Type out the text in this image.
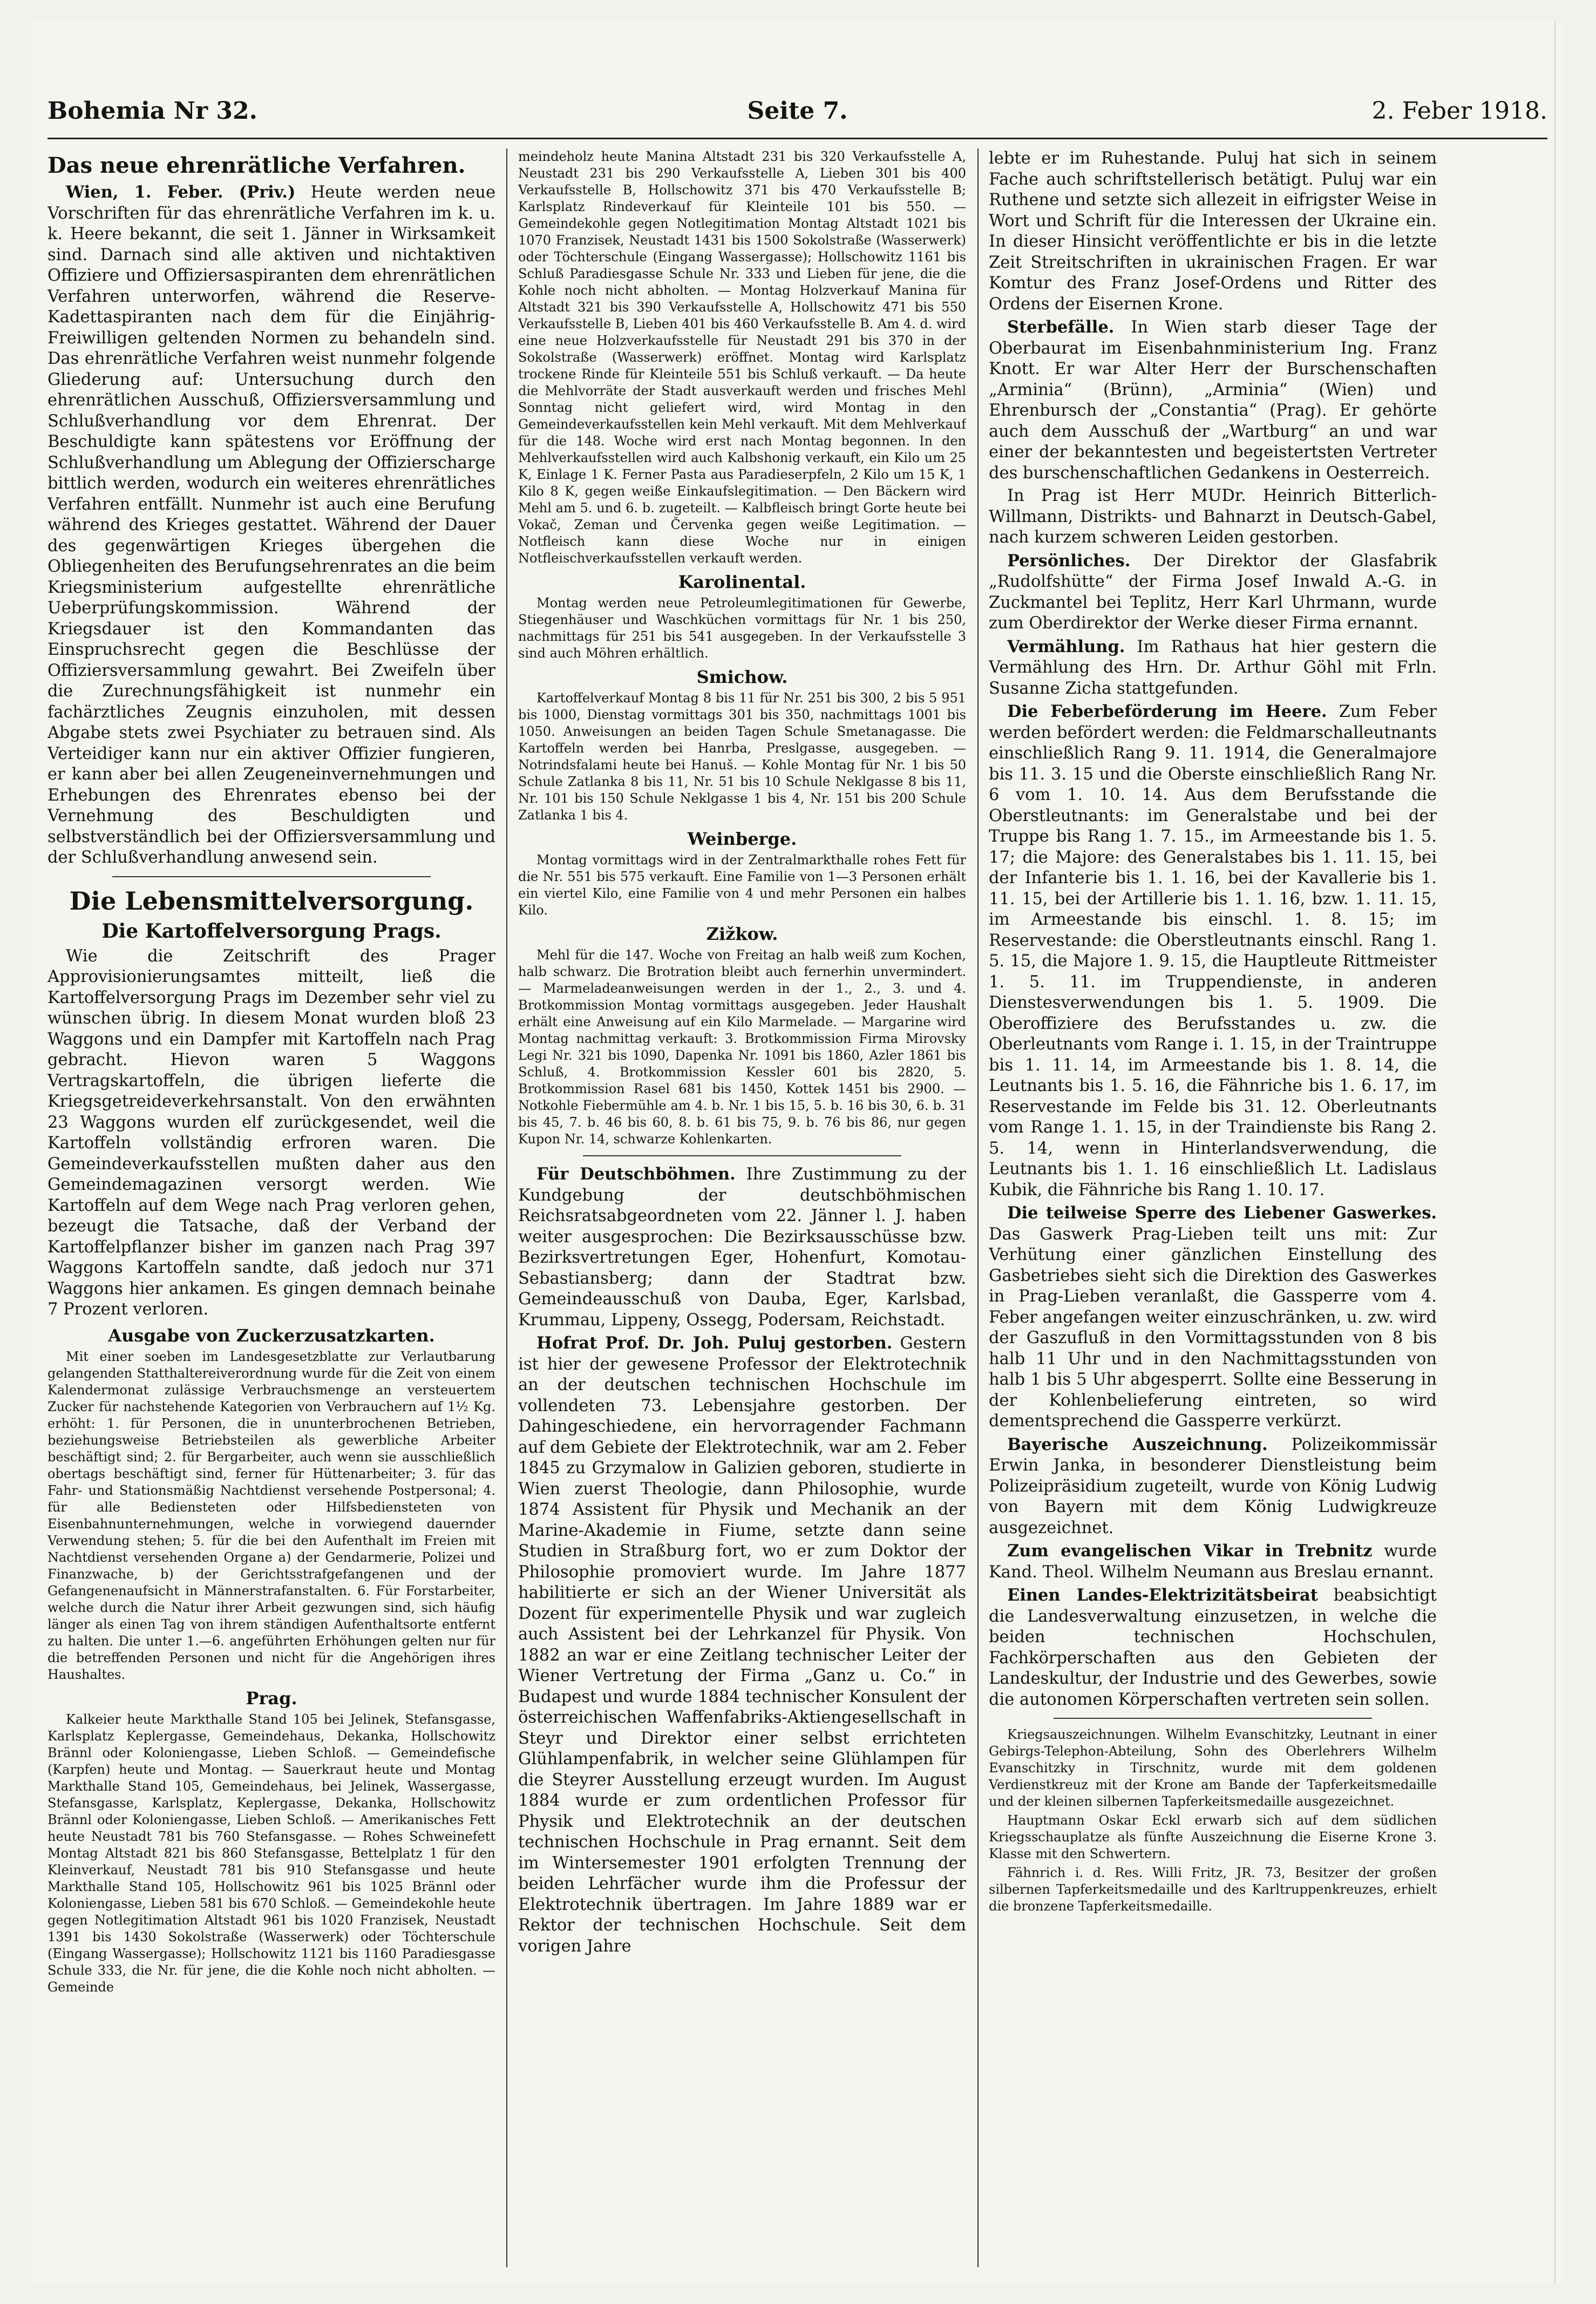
Bohemia Nr 32.	Seite 7.	2. Feber 1918.
Das neue ehrenrätliche Verfahren.

Wien, 1. Feber. (Priv.) Heute werden neue Vorschriften für das ehrenrätliche Verfahren im k. u. k. Heere bekannt, die seit 1. Jänner in Wirksamkeit sind. Darnach sind alle aktiven und nichtaktiven Offiziere und Offiziersaspiranten dem ehrenrätlichen Verfahren unterworfen, während die Reserve-Kadettaspiranten nach dem für die Einjährig-Freiwilligen geltenden Normen zu behandeln sind. Das ehrenrätliche Verfahren weist nunmehr folgende Gliederung auf: Untersuchung durch den ehrenrätlichen Ausschuß, Offiziersversammlung und Schlußverhandlung vor dem Ehrenrat. Der Beschuldigte kann spätestens vor Eröffnung der Schlußverhandlung um Ablegung der Offizierscharge bittlich werden, wodurch ein weiteres ehrenrätliches Verfahren entfällt. Nunmehr ist auch eine Berufung während des Krieges gestattet. Während der Dauer des gegenwärtigen Krieges übergehen die Obliegenheiten des Berufungsehrenrates an die beim Kriegsministerium aufgestellte ehrenrätliche Ueberprüfungskommission. Während der Kriegsdauer ist den Kommandanten das Einspruchsrecht gegen die Beschlüsse der Offiziersversammlung gewahrt. Bei Zweifeln über die Zurechnungsfähigkeit ist nunmehr ein fachärztliches Zeugnis einzuholen, mit dessen Abgabe stets zwei Psychiater zu betrauen sind. Als Verteidiger kann nur ein aktiver Offizier fungieren, er kann aber bei allen Zeugeneinvernehmungen und Erhebungen des Ehrenrates ebenso bei der Vernehmung des Beschuldigten und selbstverständlich bei der Offiziersversammlung und der Schlußverhandlung anwesend sein.

Die Lebensmittelversorgung.
Die Kartoffelversorgung Prags.

Wie die Zeitschrift des Prager Approvisionierungsamtes mitteilt, ließ die Kartoffelversorgung Prags im Dezember sehr viel zu wünschen übrig. In diesem Monat wurden bloß 23 Waggons und ein Dampfer mit Kartoffeln nach Prag gebracht. Hievon waren 5 Waggons Vertragskartoffeln, die übrigen lieferte die Kriegsgetreideverkehrsanstalt. Von den erwähnten 23 Waggons wurden elf zurückgesendet, weil die Kartoffeln vollständig erfroren waren. Die Gemeindeverkaufsstellen mußten daher aus den Gemeindemagazinen versorgt werden. Wie Kartoffeln auf dem Wege nach Prag verloren gehen, bezeugt die Tatsache, daß der Verband der Kartoffelpflanzer bisher im ganzen nach Prag 397 Waggons Kartoffeln sandte, daß jedoch nur 371 Waggons hier ankamen. Es gingen demnach beinahe 7 Prozent verloren.

Ausgabe von Zuckerzusatzkarten.

Mit einer soeben im Landesgesetzblatte zur Verlautbarung gelangenden Statthaltereiverordnung wurde für die Zeit von einem Kalendermonat zulässige Verbrauchsmenge an versteuertem Zucker für nachstehende Kategorien von Verbrauchern auf 1½ Kg. erhöht: 1. für Personen, die in ununterbrochenen Betrieben, beziehungsweise Betriebsteilen als gewerbliche Arbeiter beschäftigt sind; 2. für Bergarbeiter, auch wenn sie ausschließlich obertags beschäftigt sind, ferner für Hüttenarbeiter; 3. für das Fahr- und Stationsmäßig Nachtdienst versehende Postpersonal; 4. für alle Bediensteten oder Hilfsbediensteten von Eisenbahnunternehmungen, welche in vorwiegend dauernder Verwendung stehen; 5. für die bei den Aufenthalt im Freien mit Nachtdienst versehenden Organe a) der Gendarmerie, Polizei und Finanzwache, b) der Gerichtsstrafgefangenen und der Gefangenenaufsicht in Männerstrafanstalten. 6. Für Forstarbeiter, welche durch die Natur ihrer Arbeit gezwungen sind, sich häufig länger als einen Tag von ihrem ständigen Aufenthaltsorte entfernt zu halten. Die unter 1.—6. angeführten Erhöhungen gelten nur für die betreffenden Personen und nicht für die Angehörigen ihres Haushaltes.

Prag.

Kalkeier heute Markthalle Stand 105 bei Jelinek, Stefansgasse, Karlsplatz Keplergasse, Gemeindehaus, Dekanka, Hollschowitz Brännl oder Koloniengasse, Lieben Schloß. — Gemeindefische (Karpfen) heute und Montag. — Sauerkraut heute und Montag Markthalle Stand 105, Gemeindehaus, bei Jelinek, Wassergasse, Stefansgasse, Karlsplatz, Keplergasse, Dekanka, Hollschowitz Brännl oder Koloniengasse, Lieben Schloß. — Amerikanisches Fett heute Neustadt 781 bis 760 Stefansgasse. — Rohes Schweinefett Montag Altstadt 821 bis 860 Stefansgasse, Bettelplatz 1 für den Kleinverkauf, Neustadt 781 bis 910 Stefansgasse und heute Markthalle Stand 105, Hollschowitz 961 bis 1025 Brännl oder Koloniengasse, Lieben 581 bis 670 Schloß. — Gemeindekohle heute gegen Notlegitimation Altstadt 961 bis 1020 Franzisek, Neustadt 1391 bis 1430 Sokolstraße (Wasserwerk) oder Töchterschule (Eingang Wassergasse); Hollschowitz 1121 bis 1160 Paradiesgasse Schule 333, die Nr. für jene, die die Kohle noch nicht abholten. — Gemeinde

meindeholz heute Manina Altstadt 231 bis 320 Verkaufsstelle A, Neustadt 231 bis 290 Verkaufsstelle A, Lieben 301 bis 400 Verkaufsstelle B, Hollschowitz 371 bis 470 Verkaufsstelle B; Karlsplatz Rindeverkauf für Kleinteile 101 bis 550. — Gemeindekohle gegen Notlegitimation Montag Altstadt 1021 bis 1070 Franzisek, Neustadt 1431 bis 1500 Sokolstraße (Wasserwerk) oder Töchterschule (Eingang Wassergasse); Hollschowitz 1161 bis Schluß Paradiesgasse Schule Nr. 333 und Lieben für jene, die die Kohle noch nicht abholten. — Montag Holzverkauf Manina für Altstadt 321 bis 390 Verkaufsstelle A, Hollschowitz 471 bis 550 Verkaufsstelle B, Lieben 401 bis 460 Verkaufsstelle B. Am 4. d. wird eine neue Holzverkaufsstelle für Neustadt 291 bis 370 in der Sokolstraße (Wasserwerk) eröffnet. Montag wird Karlsplatz trockene Rinde für Kleinteile 551 bis Schluß verkauft. — Da heute die Mehlvorräte der Stadt ausverkauft werden und frisches Mehl Sonntag nicht geliefert wird, wird Montag in den Gemeindeverkaufsstellen kein Mehl verkauft. Mit dem Mehlverkauf für die 148. Woche wird erst nach Montag begonnen. In den Mehlverkaufsstellen wird auch Kalbshonig verkauft, ein Kilo um 25 K, Einlage 1 K. Ferner Pasta aus Paradieserpfeln, 2 Kilo um 15 K, 1 Kilo 8 K, gegen weiße Einkaufslegitimation. — Den Bäckern wird Mehl am 5. und 6. b. zugeteilt. — Kalbfleisch bringt Gorte heute bei Vokač, Zeman und Červenka gegen weiße Legitimation. — Notfleisch kann diese Woche nur in einigen Notfleischverkaufsstellen verkauft werden.

Karolinental.

Montag werden neue Petroleumlegitimationen für Gewerbe, Stiegenhäuser und Waschküchen vormittags für Nr. 1 bis 250, nachmittags für 251 bis 541 ausgegeben. In der Verkaufsstelle 3 sind auch Möhren erhältlich.

Smichow.

Kartoffelverkauf Montag 8 bis 11 für Nr. 251 bis 300, 2 bis 5 951 bis 1000, Dienstag vormittags 301 bis 350, nachmittags 1001 bis 1050. Anweisungen an beiden Tagen Schule Smetanagasse. Die Kartoffeln werden bei Hanrba, Preslgasse, ausgegeben. — Notrindsfalami heute bei Hanuš. — Kohle Montag für Nr. 1 bis 50 Schule Zatlanka 8 bis 11, Nr. 51 bis 10 Schule Neklgasse 8 bis 11, Nr. 101 bis 150 Schule Neklgasse 1 bis 4, Nr. 151 bis 200 Schule Zatlanka 1 bis 4.

Weinberge.

Montag vormittags wird in der Zentralmarkthalle rohes Fett für die Nr. 551 bis 575 verkauft. Eine Familie von 1—3 Personen erhält ein viertel Kilo, eine Familie von 4 und mehr Personen ein halbes Kilo.

Zižkow.

Mehl für die 147. Woche von Freitag an halb weiß zum Kochen, halb schwarz. Die Brotration bleibt auch fernerhin unvermindert. — Marmeladeanweisungen werden in der 1., 2., 3. und 4. Brotkommission Montag vormittags ausgegeben. Jeder Haushalt erhält eine Anweisung auf ein Kilo Marmelade. — Margarine wird Montag nachmittag verkauft: 3. Brotkommission Firma Mirovsky Legi Nr. 321 bis 1090, Dapenka Nr. 1091 bis 1860, Azler 1861 bis Schluß, 4. Brotkommission Kessler 601 bis 2820, 5. Brotkommission Rasel 681 bis 1450, Kottek 1451 bis 2900. — Notkohle Fiebermühle am 4. b. Nr. 1 bis 15, 5. b. 16 bis 30, 6. b. 31 bis 45, 7. b. 46 bis 60, 8. b. 61 bis 75, 9. b. 76 bis 86, nur gegen Kupon Nr. 14, schwarze Kohlenkarten.

Für Deutschböhmen. Ihre Zustimmung zu der Kundgebung der deutschböhmischen Reichsratsabgeordneten vom 22. Jänner l. J. haben weiter ausgesprochen: Die Bezirksausschüsse bzw. Bezirksvertretungen Eger, Hohenfurt, Komotau-Sebastiansberg; dann der Stadtrat bzw. Gemeindeausschuß von Dauba, Eger, Karlsbad, Krummau, Lippeny, Ossegg, Podersam, Reichstadt.

Hofrat Prof. Dr. Joh. Puluj gestorben. Gestern ist hier der gewesene Professor der Elektrotechnik an der deutschen technischen Hochschule im vollendeten 73. Lebensjahre gestorben. Der Dahingeschiedene, ein hervorragender Fachmann auf dem Gebiete der Elektrotechnik, war am 2. Feber 1845 zu Grzymalow in Galizien geboren, studierte in Wien zuerst Theologie, dann Philosophie, wurde 1874 Assistent für Physik und Mechanik an der Marine-Akademie in Fiume, setzte dann seine Studien in Straßburg fort, wo er zum Doktor der Philosophie promoviert wurde. Im Jahre 1877 habilitierte er sich an der Wiener Universität als Dozent für experimentelle Physik und war zugleich auch Assistent bei der Lehrkanzel für Physik. Von 1882 an war er eine Zeitlang technischer Leiter der Wiener Vertretung der Firma „Ganz u. Co.“ in Budapest und wurde 1884 technischer Konsulent der österreichischen Waffenfabriks-Aktiengesellschaft in Steyr und Direktor einer selbst errichteten Glühlampenfabrik, in welcher seine Glühlampen für die Steyrer Ausstellung erzeugt wurden. Im August 1884 wurde er zum ordentlichen Professor für Physik und Elektrotechnik an der deutschen technischen Hochschule in Prag ernannt. Seit dem im Wintersemester 1901 erfolgten Trennung der beiden Lehrfächer wurde ihm die Professur der Elektrotechnik übertragen. Im Jahre 1889 war er Rektor der technischen Hochschule. Seit dem vorigen Jahre

lebte er im Ruhestande. Puluj hat sich in seinem Fache auch schriftstellerisch betätigt. Puluj war ein Ruthene und setzte sich allezeit in eifrigster Weise in Wort und Schrift für die Interessen der Ukraine ein. In dieser Hinsicht veröffentlichte er bis in die letzte Zeit Streitschriften in ukrainischen Fragen. Er war Komtur des Franz Josef-Ordens und Ritter des Ordens der Eisernen Krone.

Sterbefälle. In Wien starb dieser Tage der Oberbaurat im Eisenbahnministerium Ing. Franz Knott. Er war Alter Herr der Burschenschaften „Arminia“ (Brünn), „Arminia“ (Wien) und Ehrenbursch der „Constantia“ (Prag). Er gehörte auch dem Ausschuß der „Wartburg“ an und war einer der bekanntesten und begeistertsten Vertreter des burschenschaftlichen Gedankens in Oesterreich.

In Prag ist Herr MUDr. Heinrich Bitterlich-Willmann, Distrikts- und Bahnarzt in Deutsch-Gabel, nach kurzem schweren Leiden gestorben.

Persönliches. Der Direktor der Glasfabrik „Rudolfshütte“ der Firma Josef Inwald A.-G. in Zuckmantel bei Teplitz, Herr Karl Uhrmann, wurde zum Oberdirektor der Werke dieser Firma ernannt.

Vermählung. Im Rathaus hat hier gestern die Vermählung des Hrn. Dr. Arthur Göhl mit Frln. Susanne Zicha stattgefunden.

Die Feberbeförderung im Heere. Zum Feber werden befördert werden: die Feldmarschalleutnants einschließlich Rang 9. 11. 1914, die Generalmajore bis 11. 3. 15 und die Oberste einschließlich Rang Nr. 6 vom 1. 10. 14. Aus dem Berufsstande die Oberstleutnants: im Generalstabe und bei der Truppe bis Rang 1. 7. 15., im Armeestande bis 1. 5. 17; die Majore: des Generalstabes bis 1. 11. 15, bei der Infanterie bis 1. 1. 16, bei der Kavallerie bis 1. 11. 15, bei der Artillerie bis 1. 1. 16, bzw. 1. 11. 15, im Armeestande bis einschl. 1. 8. 15; im Reservestande: die Oberstleutnants einschl. Rang 1. 5. 15, die Majore 1. 9. 15, die Hauptleute Rittmeister 1. 5. 11. im Truppendienste, in anderen Dienstesverwendungen bis 1. 5. 1909. Die Oberoffiziere des Berufsstandes u. zw. die Oberleutnants vom Range i. 1. 15, in der Traintruppe bis 1. 11. 14, im Armeestande bis 1. 8. 14, die Leutnants bis 1. 5. 16, die Fähnriche bis 1. 6. 17, im Reservestande im Felde bis 31. 12. Oberleutnants vom Range 1. 1. 15, in der Traindienste bis Rang 2. 5. 14, wenn in Hinterlandsverwendung, die Leutnants bis 1. 1. 16 einschließlich Lt. Ladislaus Kubik, die Fähnriche bis Rang 1. 10. 17.

Die teilweise Sperre des Liebener Gaswerkes. Das Gaswerk Prag-Lieben teilt uns mit: Zur Verhütung einer gänzlichen Einstellung des Gasbetriebes sieht sich die Direktion des Gaswerkes in Prag-Lieben veranlaßt, die Gassperre vom 4. Feber angefangen weiter einzuschränken, u. zw. wird der Gaszufluß in den Vormittagsstunden von 8 bis halb 11 Uhr und in den Nachmittagsstunden von halb 1 bis 5 Uhr abgesperrt. Sollte eine Besserung in der Kohlenbelieferung eintreten, so wird dementsprechend die Gassperre verkürzt.

Bayerische Auszeichnung. Polizeikommissär Erwin Janka, in besonderer Dienstleistung beim Polizeipräsidium zugeteilt, wurde von König Ludwig von Bayern mit dem König Ludwigkreuze ausgezeichnet.

Zum evangelischen Vikar in Trebnitz wurde Kand. Theol. Wilhelm Neumann aus Breslau ernannt.

Einen Landes-Elektrizitätsbeirat beabsichtigt die Landesverwaltung einzusetzen, in welche die beiden technischen Hochschulen, Fachkörperschaften aus den Gebieten der Landeskultur, der Industrie und des Gewerbes, sowie die autonomen Körperschaften vertreten sein sollen.

Kriegsauszeichnungen. Wilhelm Evanschitzky, Leutnant in einer Gebirgs-Telephon-Abteilung, Sohn des Oberlehrers Wilhelm Evanschitzky in Tirschnitz, wurde mit dem goldenen Verdienstkreuz mit der Krone am Bande der Tapferkeitsmedaille und der kleinen silbernen Tapferkeitsmedaille ausgezeichnet.

Hauptmann Oskar Eckl erwarb sich auf dem südlichen Kriegsschauplatze als fünfte Auszeichnung die Eiserne Krone 3. Klasse mit den Schwertern.

Fähnrich i. d. Res. Willi Fritz, JR. 73, Besitzer der großen silbernen Tapferkeitsmedaille und des Karltruppenkreuzes, erhielt die bronzene Tapferkeitsmedaille.
